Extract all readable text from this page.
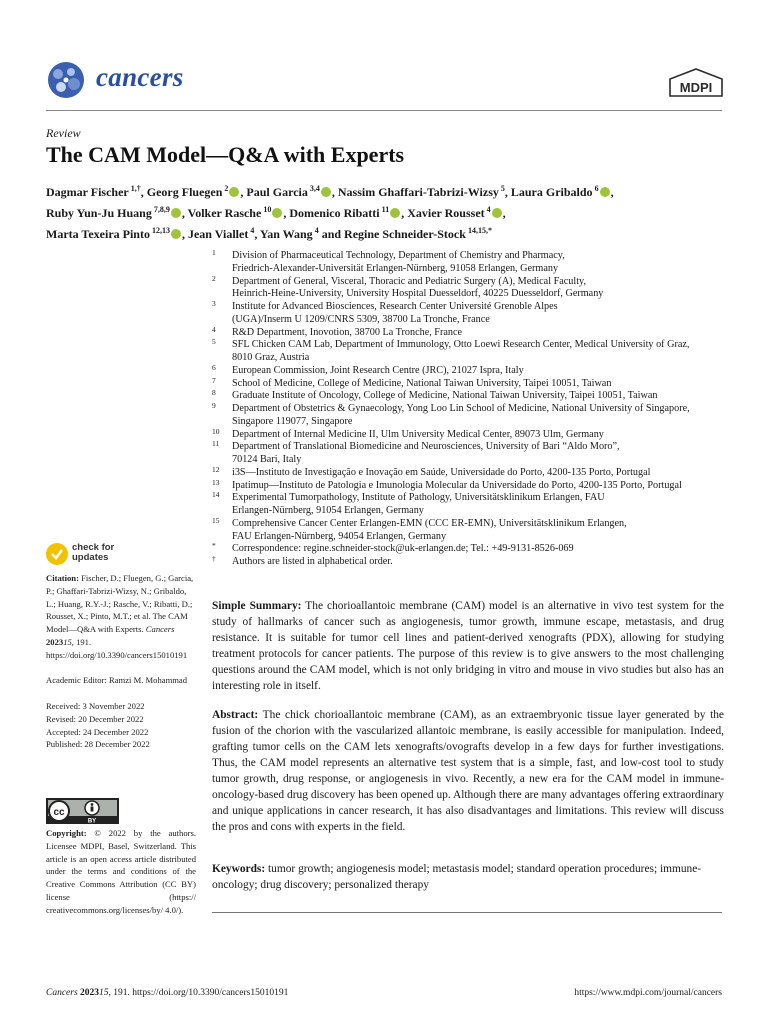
cancers	MDPI
Review
The CAM Model—Q&A with Experts
Dagmar Fischer $^{1,\dagger}$, Georg Fluegen $^2$ , Paul Garcia $^{3,4}$ , Nassim Ghaffari-Tabrizi-Wizsy $^5$, Laura Gribaldo $^6$ ,
Ruby Yun-Ju Huang $^{7,8,9}$ , Volker Rasche $^{10}$ , Domenico Ribatti $^{11}$ , Xavier Rousset $^4$ ,
Marta Texeira Pinto $^{12,13}$ , Jean Viallet $^4$, Yan Wang $^4$ and Regine Schneider-Stock $^{14,15,*}$
1 Division of Pharmaceutical Technology, Department of Chemistry and Pharmacy,
Friedrich-Alexander-Universität Erlangen-Nürnberg, 91058 Erlangen, Germany
2 Department of General, Visceral, Thoracic and Pediatric Surgery (A), Medical Faculty,
Heinrich-Heine-University, University Hospital Duesseldorf, 40225 Duesseldorf, Germany
3 Institute for Advanced Biosciences, Research Center Université Grenoble Alpes
(UGA)/Inserm U 1209/CNRS 5309, 38700 La Tronche, France
4 R&D Department, Inovotion, 38700 La Tronche, France
5 SFL Chicken CAM Lab, Department of Immunology, Otto Loewi Research Center, Medical University of Graz,
8010 Graz, Austria
6 European Commission, Joint Research Centre (JRC), 21027 Ispra, Italy
7 School of Medicine, College of Medicine, National Taiwan University, Taipei 10051, Taiwan
8 Graduate Institute of Oncology, College of Medicine, National Taiwan University, Taipei 10051, Taiwan
9 Department of Obstetrics & Gynaecology, Yong Loo Lin School of Medicine, National University of Singapore,
Singapore 119077, Singapore
10 Department of Internal Medicine II, Ulm University Medical Center, 89073 Ulm, Germany
11 Department of Translational Biomedicine and Neurosciences, University of Bari “Aldo Moro”,
70124 Bari, Italy
12 i3S—Instituto de Investigação e Inovação em Saúde, Universidade do Porto, 4200-135 Porto, Portugal
13 Ipatimup—Instituto de Patologia e Imunologia Molecular da Universidade do Porto, 4200-135 Porto, Portugal
14 Experimental Tumorpathology, Institute of Pathology, Universitätsklinikum Erlangen, FAU
Erlangen-Nürnberg, 91054 Erlangen, Germany
15 Comprehensive Cancer Center Erlangen-EMN (CCC ER-EMN), Universitätsklinikum Erlangen,
FAU Erlangen-Nürnberg, 94054 Erlangen, Germany
* Correspondence: regine.schneider-stock@uk-erlangen.de; Tel.: +49-9131-8526-069
† Authors are listed in alphabetical order.
check for
updates

Citation: Fischer, D.; Fluegen, G.; Garcia, P.; Ghaffari-Tabrizi-Wizsy, N.; Gribaldo, L.; Huang, R.Y.-J.; Rasche, V.; Ribatti, D.; Rousset, X.; Pinto, M.T.; et al. The CAM Model—Q&A with Experts. Cancers 202315, 191. https://doi.org/10.3390/cancers15010191

Academic Editor: Ramzi M. Mohammad

Received: 3 November 2022

Revised: 20 December 2022

Accepted: 24 December 2022

Published: 28 December 2022

cc
BY
Copyright: © 2022 by the authors. Licensee MDPI, Basel, Switzerland. This article is an open access article distributed under the terms and conditions of the Creative Commons Attribution (CC BY) license (https:// creativecommons.org/licenses/by/ 4.0/).
Simple Summary: The chorioallantoic membrane (CAM) model is an alternative in vivo test system for the study of hallmarks of cancer such as angiogenesis, tumor growth, immune escape, metastasis, and drug resistance. It is suitable for tumor cell lines and patient-derived xenografts (PDX), allowing for studying treatment protocols for cancer patients. The purpose of this review is to give answers to the most challenging questions around the CAM model, which is not only bridging in vitro and mouse in vivo studies but also has an interesting role in itself.
Abstract: The chick chorioallantoic membrane (CAM), as an extraembryonic tissue layer generated by the fusion of the chorion with the vascularized allantoic membrane, is easily accessible for manipulation. Indeed, grafting tumor cells on the CAM lets xenografts/ovografts develop in a few days for further investigations. Thus, the CAM model represents an alternative test system that is a simple, fast, and low-cost tool to study tumor growth, drug response, or angiogenesis in vivo. Recently, a new era for the CAM model in immune-oncology-based drug discovery has been opened up. Although there are many advantages offering extraordinary and unique applications in cancer research, it has also disadvantages and limitations. This review will discuss the pros and cons with experts in the field.
Keywords: tumor growth; angiogenesis model; metastasis model; standard operation procedures; immune-oncology; drug discovery; personalized therapy
Cancers 202315, 191. https://doi.org/10.3390/cancers15010191	https://www.mdpi.com/journal/cancers
